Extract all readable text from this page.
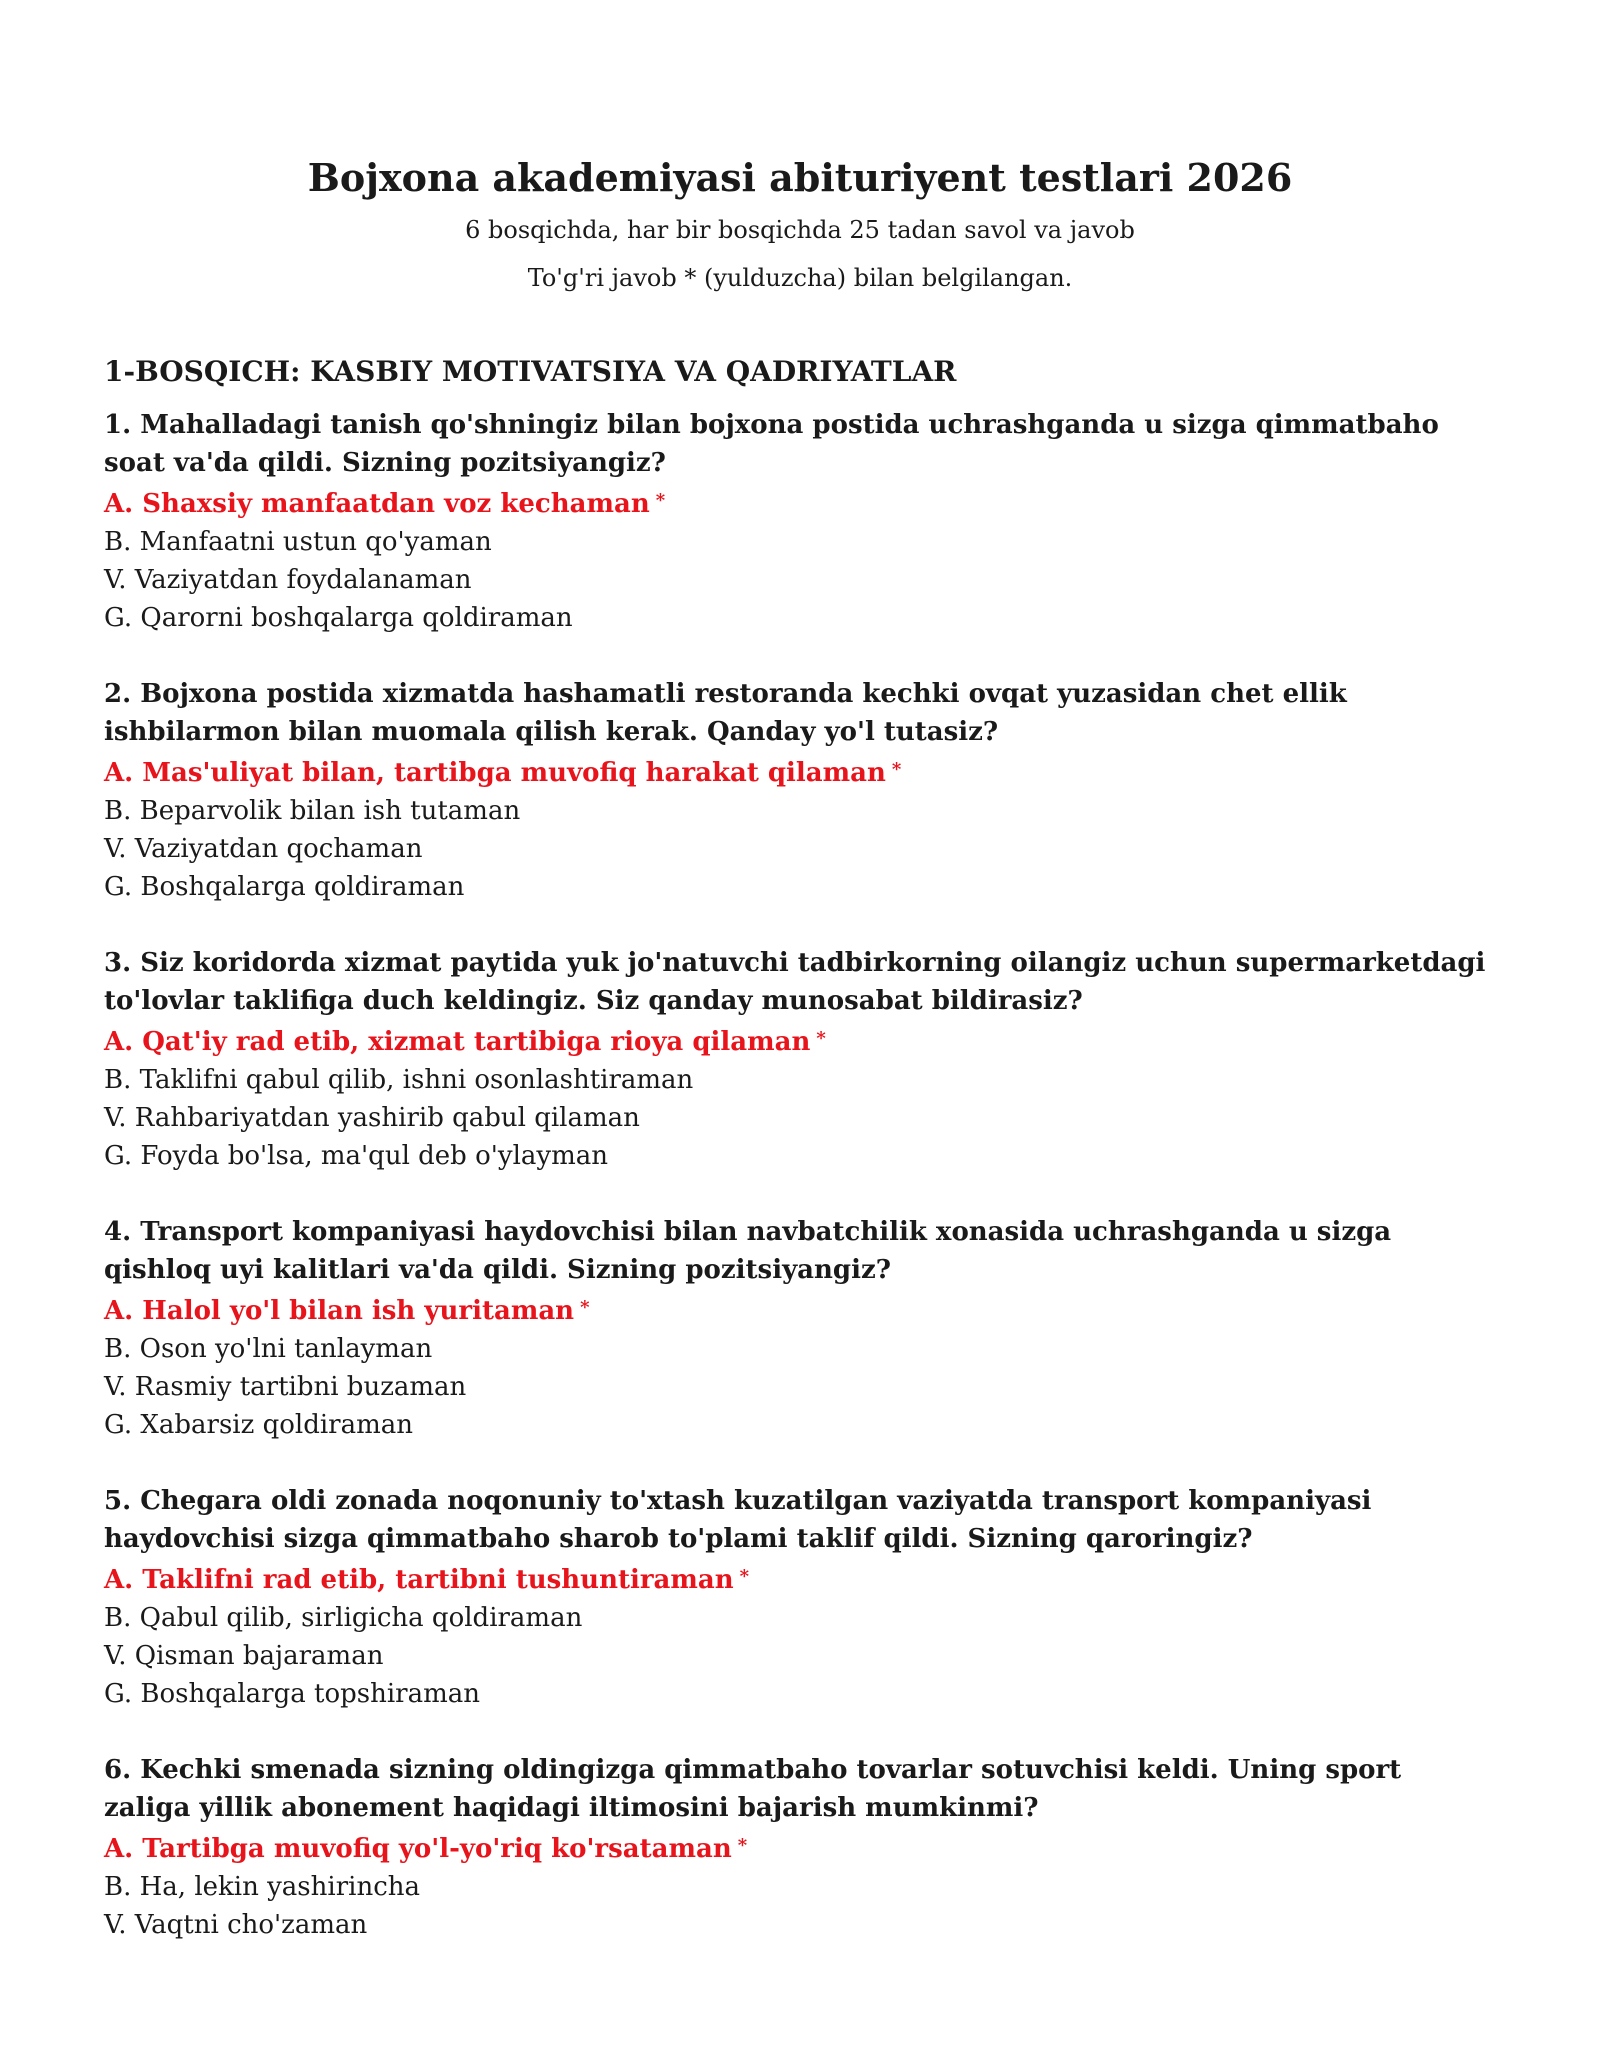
Bojxona akademiyasi abituriyent testlari 2026

6 bosqichda, har bir bosqichda 25 tadan savol va javob

To'g'ri javob * (yulduzcha) bilan belgilangan.

1-BOSQICH: KASBIY MOTIVATSIYA VA QADRIYATLAR

1. Mahalladagi tanish qo'shningiz bilan bojxona postida uchrashganda u sizga qimmatbaho soat va'da qildi. Sizning pozitsiyangiz?

A. Shaxsiy manfaatdan voz kechaman *

B. Manfaatni ustun qo'yaman

V. Vaziyatdan foydalanaman

G. Qarorni boshqalarga qoldiraman

2. Bojxona postida xizmatda hashamatli restoranda kechki ovqat yuzasidan chet ellik ishbilarmon bilan muomala qilish kerak. Qanday yo'l tutasiz?

A. Mas'uliyat bilan, tartibga muvofiq harakat qilaman *

B. Beparvolik bilan ish tutaman

V. Vaziyatdan qochaman

G. Boshqalarga qoldiraman

3. Siz koridorda xizmat paytida yuk jo'natuvchi tadbirkorning oilangiz uchun supermarketdagi to'lovlar taklifiga duch keldingiz. Siz qanday munosabat bildirasiz?

A. Qat'iy rad etib, xizmat tartibiga rioya qilaman *

B. Taklifni qabul qilib, ishni osonlashtiraman

V. Rahbariyatdan yashirib qabul qilaman

G. Foyda bo'lsa, ma'qul deb o'ylayman

4. Transport kompaniyasi haydovchisi bilan navbatchilik xonasida uchrashganda u sizga qishloq uyi kalitlari va'da qildi. Sizning pozitsiyangiz?

A. Halol yo'l bilan ish yuritaman *

B. Oson yo'lni tanlayman

V. Rasmiy tartibni buzaman

G. Xabarsiz qoldiraman

5. Chegara oldi zonada noqonuniy to'xtash kuzatilgan vaziyatda transport kompaniyasi haydovchisi sizga qimmatbaho sharob to'plami taklif qildi. Sizning qaroringiz?

A. Taklifni rad etib, tartibni tushuntiraman *

B. Qabul qilib, sirligicha qoldiraman

V. Qisman bajaraman

G. Boshqalarga topshiraman

6. Kechki smenada sizning oldingizga qimmatbaho tovarlar sotuvchisi keldi. Uning sport zaliga yillik abonement haqidagi iltimosini bajarish mumkinmi?

A. Tartibga muvofiq yo'l-yo'riq ko'rsataman *

B. Ha, lekin yashirincha

V. Vaqtni cho'zaman
